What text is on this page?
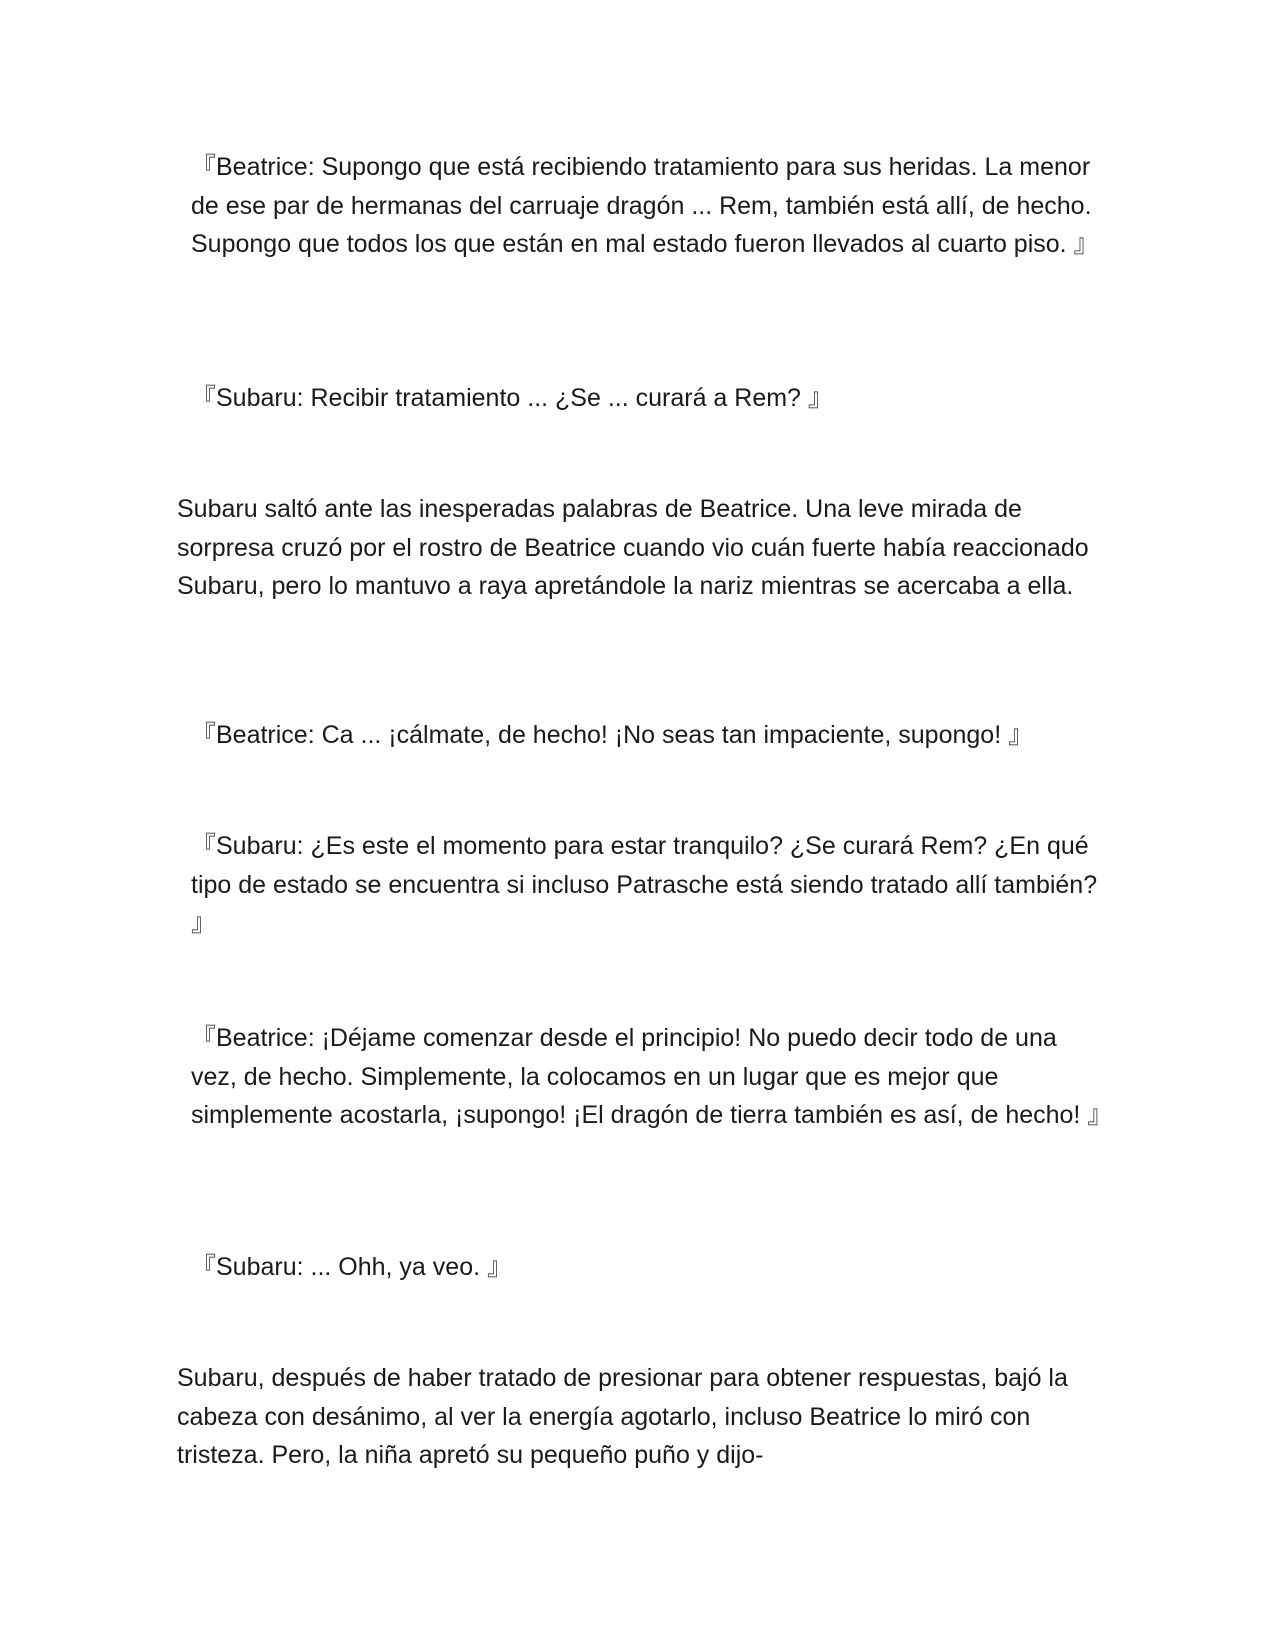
『Beatrice: Supongo que está recibiendo tratamiento para sus heridas. La menor de ese par de hermanas del carruaje dragón ... Rem, también está allí, de hecho. Supongo que todos los que están en mal estado fueron llevados al cuarto piso. 』

『Subaru: Recibir tratamiento ... ¿Se ... curará a Rem? 』

Subaru saltó ante las inesperadas palabras de Beatrice. Una leve mirada de sorpresa cruzó por el rostro de Beatrice cuando vio cuán fuerte había reaccionado Subaru, pero lo mantuvo a raya apretándole la nariz mientras se acercaba a ella.

『Beatrice: Ca ... ¡cálmate, de hecho! ¡No seas tan impaciente, supongo! 』

『Subaru: ¿Es este el momento para estar tranquilo? ¿Se curará Rem? ¿En qué tipo de estado se encuentra si incluso Patrasche está siendo tratado allí también? 』

『Beatrice: ¡Déjame comenzar desde el principio! No puedo decir todo de una vez, de hecho. Simplemente, la colocamos en un lugar que es mejor que simplemente acostarla, ¡supongo! ¡El dragón de tierra también es así, de hecho! 』

『Subaru: ... Ohh, ya veo. 』

Subaru, después de haber tratado de presionar para obtener respuestas, bajó la cabeza con desánimo, al ver la energía agotarlo, incluso Beatrice lo miró con tristeza. Pero, la niña apretó su pequeño puño y dijo-
